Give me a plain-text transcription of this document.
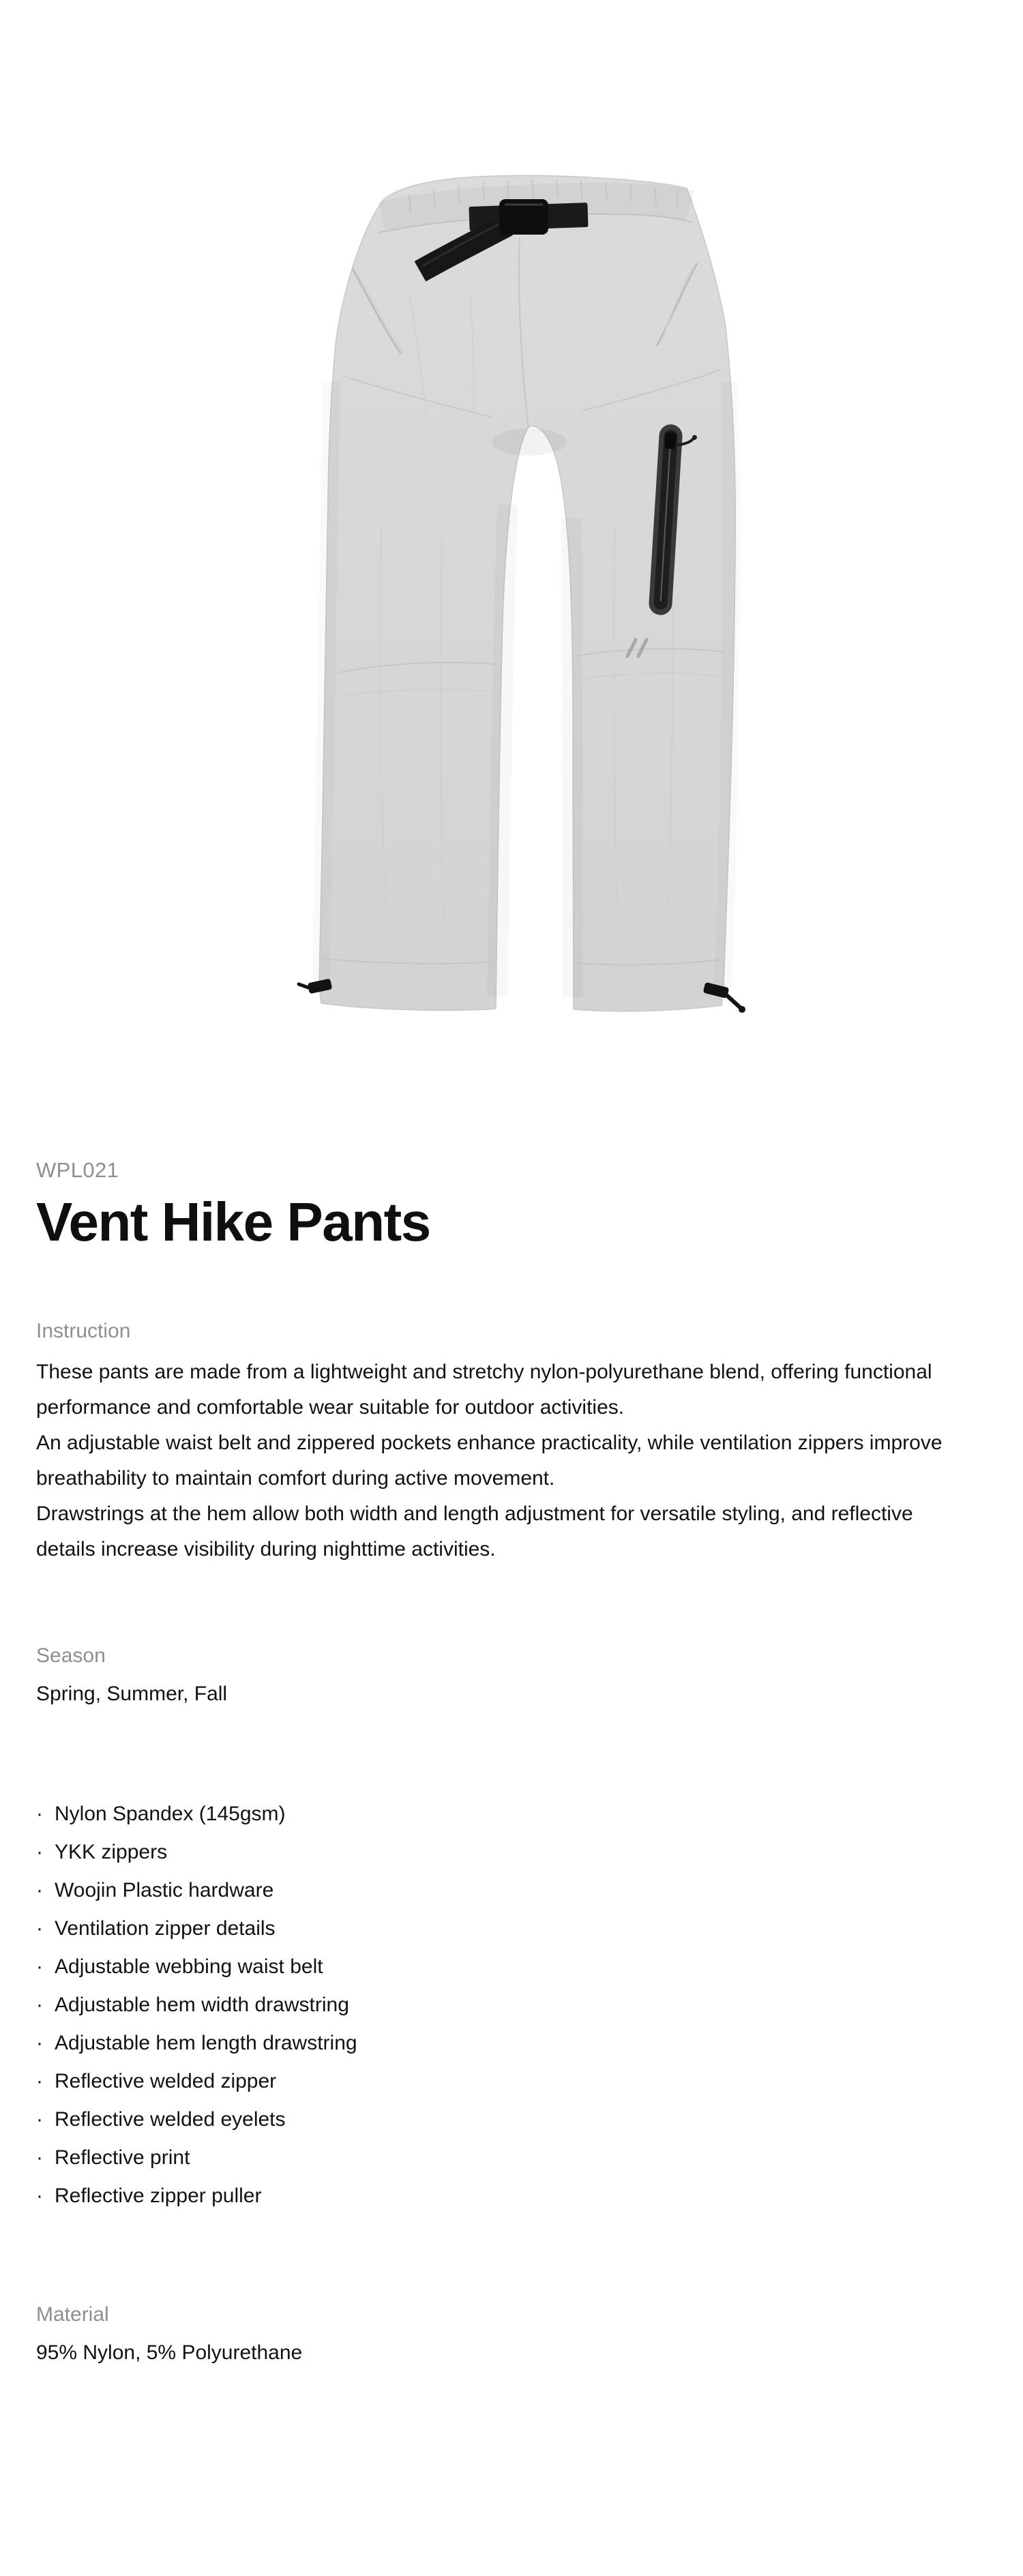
WPL021
Vent Hike Pants
Instruction

These pants are made from a lightweight and stretchy nylon-polyurethane blend, offering functional performance and comfortable wear suitable for outdoor activities.

An adjustable waist belt and zippered pockets enhance practicality, while ventilation zippers improve breathability to maintain comfort during active movement.

Drawstrings at the hem allow both width and length adjustment for versatile styling, and reflective details increase visibility during nighttime activities.

Season
Spring, Summer, Fall
· Nylon Spandex (145gsm)
· YKK zippers
· Woojin Plastic hardware
· Ventilation zipper details
· Adjustable webbing waist belt
· Adjustable hem width drawstring
· Adjustable hem length drawstring
· Reflective welded zipper
· Reflective welded eyelets
· Reflective print
· Reflective zipper puller
Material
95% Nylon, 5% Polyurethane
